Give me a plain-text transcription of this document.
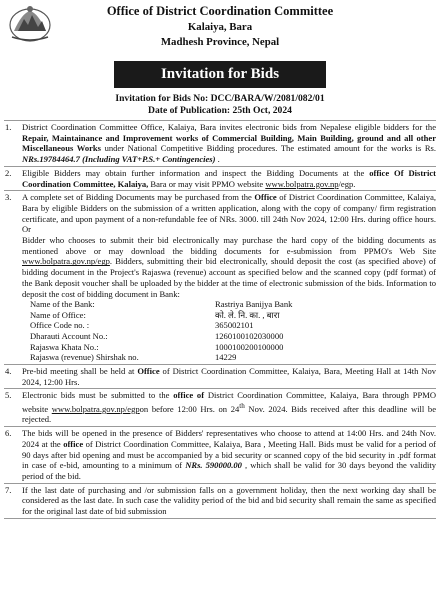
Office of District Coordination Committee
Kalaiya, Bara
Madhesh Province, Nepal
Invitation for Bids
Invitation for Bids No: DCC/BARA/W/2081/082/01
Date of Publication: 25th Oct, 2024
1. District Coordination Committee Office, Kalaiya, Bara invites electronic bids from Nepalese eligible bidders for the Repair, Maintainance and Improvement works of Commercial Building, Main Building, ground and all other Miscellaneous Works under National Competitive Bidding procedures. The estimated amount for the works is Rs. NRs.19784464.7 (Including VAT+P.S.+ Contingencies) .
2. Eligible Bidders may obtain further information and inspect the Bidding Documents at the office Of District Coordination Committee, Kalaiya, Bara or may visit PPMO website www.bolpatra.gov.np/egp.
3. A complete set of Bidding Documents may be purchased from the Office of District Coordination Committee, Kalaiya, Bara by eligible Bidders on the submission of a written application, along with the copy of company/ firm registration certificate, and upon payment of a non-refundable fee of NRs. 3000. till 24th Nov 2024, 12:00 Hrs. during office hours. Or
Bidder who chooses to submit their bid electronically may purchase the hard copy of the bidding documents as mentioned above or may download the bidding documents for e-submission from PPMO's Web Site www.bolpatra.gov.np/egp. Bidders, submitting their bid electronically, should deposit the cost (as specified above) of bidding document in the Project's Rajaswa (revenue) account as specified below and the scanned copy (pdf format) of the Bank deposit voucher shall be uploaded by the bidder at the time of electronic submission of the bids. Information to deposit the cost of bidding document in Bank:
Name of the Bank:	Rastriya Banijya Bank
Name of Office:	को. ले. नि. का. , बारा
Office Code no. :	365002101
Dharauti Account No.:	1260100102030000
Rajaswa Khata No.:	1000100200100000
Rajaswa (revenue) Shirshak no.	14229
4. Pre-bid meeting shall be held at Office of District Coordination Committee, Kalaiya, Bara, Meeting Hall at 14th Nov 2024, 12:00 Hrs.
5. Electronic bids must be submitted to the office of District Coordination Committee, Kalaiya, Bara through PPMO website www.bolpatra.gov.np/egpon before 12:00 Hrs. on 24th Nov. 2024. Bids received after this deadline will be rejected.
6. The bids will be opened in the presence of Bidders' representatives who choose to attend at 14:00 Hrs. and 24th Nov. 2024 at the office of District Coordination Committee, Kalaiya, Bara , Meeting Hall. Bids must be valid for a period of 90 days after bid opening and must be accompanied by a bid security or scanned copy of the bid security in .pdf format in case of e-bid, amounting to a minimum of NRs. 590000.00 , which shall be valid for 30 days beyond the validity period of the bid.
7. If the last date of purchasing and /or submission falls on a government holiday, then the next working day shall be considered as the last date. In such case the validity period of the bid and bid security shall remain the same as specified for the original last date of bid submission
